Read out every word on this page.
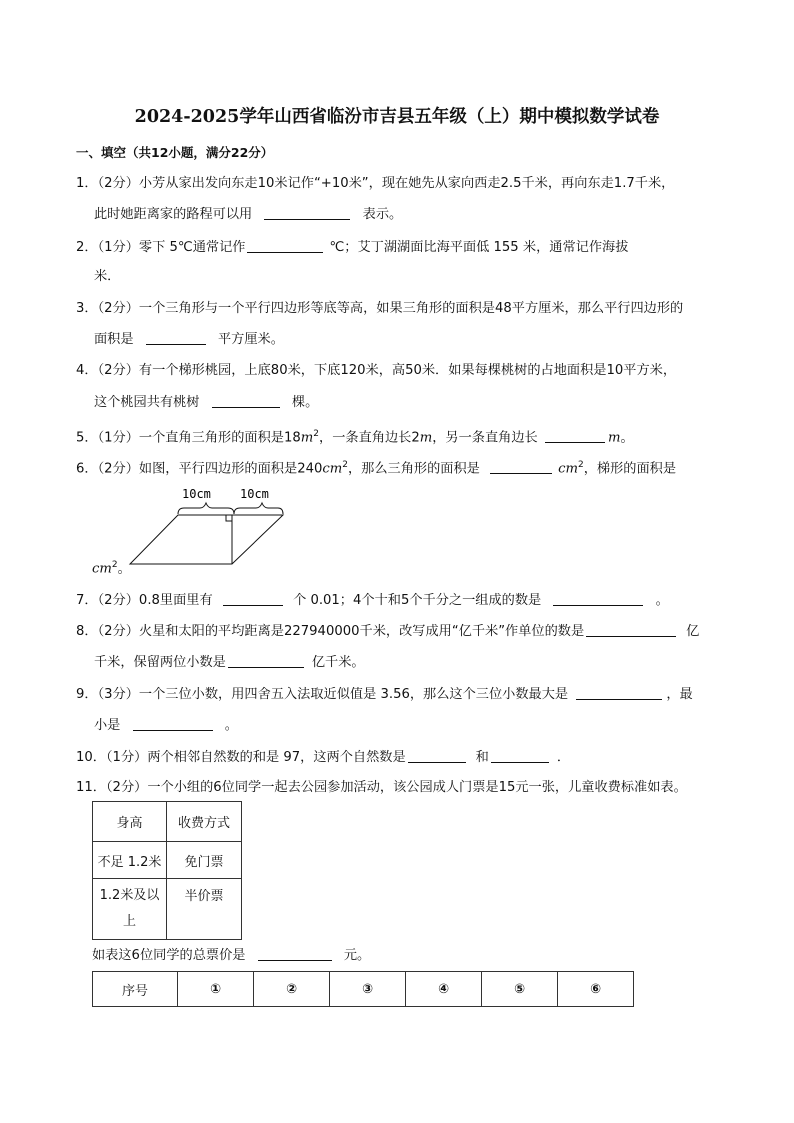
2024-2025学年山西省临汾市吉县五年级（上）期中模拟数学试卷
一、填空（共12小题，满分22分）
1．（2分）小芳从家出发向东走10米记作“+10米”，现在她先从家向西走2.5千米，再向东走1.7千米，
此时她距离家的路程可以用	表示。
2．（1分）零下 5℃通常记作	℃；艾丁湖湖面比海平面低 155 米，通常记作海拔
米．
3．（2分）一个三角形与一个平行四边形等底等高，如果三角形的面积是48平方厘米，那么平行四边形的
面积是	平方厘米。
4．（2分）有一个梯形桃园，上底80米，下底120米，高50米．如果每棵桃树的占地面积是10平方米，
这个桃园共有桃树	棵。
5．（1分）一个直角三角形的面积是$18m^2$，一条直角边长2m，另一条直角边长	m。
6．（2分）如图，平行四边形的面积是$240cm^2$，那么三角形的面积是	$cm^2$，梯形的面积是
10cm 10cm
$cm^2$。
7．（2分）0.8里面里有	个 0.01；4个十和5个千分之一组成的数是	。
8．（2分）火星和太阳的平均距离是227940000千米，改写成用“亿千米”作单位的数是	亿
千米，保留两位小数是	亿千米。
9．（3分）一个三位小数，用四舍五入法取近似值是 3.56，那么这个三位小数最大是	，最
小是	。
10．（1分）两个相邻自然数的和是 97，这两个自然数是	和	．
11．（2分）一个小组的6位同学一起去公园参加活动，该公园成人门票是15元一张，儿童收费标准如表。
身高	收费方式
不足 1.2米	免门票
1.2米及以上	半价票
如表这6位同学的总票价是	元。
序号	①	②	③	④	⑤	⑥
